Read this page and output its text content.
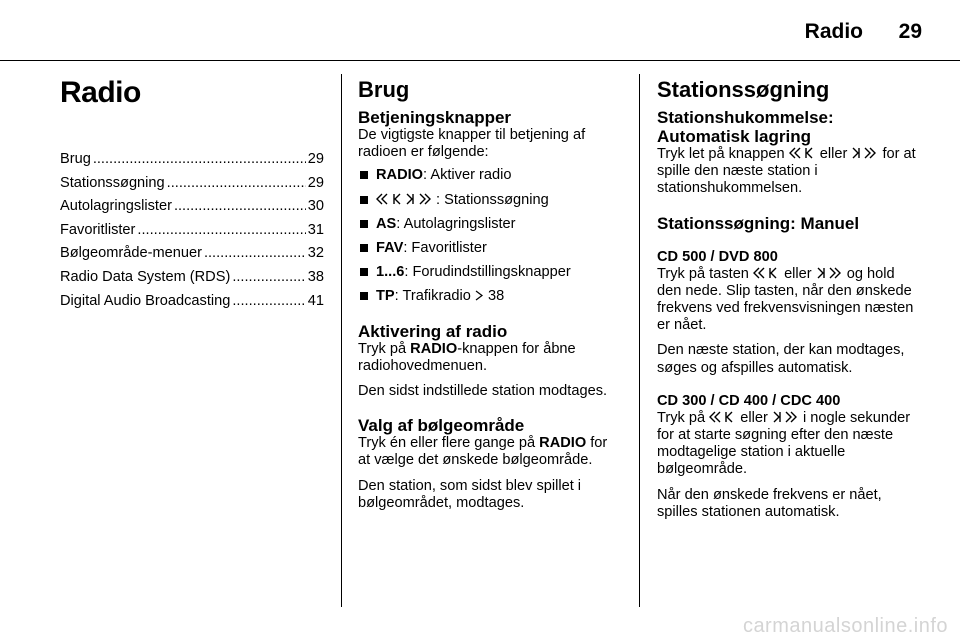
Radio 29
Radio
Brug .....	29
Stationssøgning .....	29
Autolagringslister .....	30
Favoritlister .....	31
Bølgeområde-menuer .....	32
Radio Data System (RDS) .....	38
Digital Audio Broadcasting .....	41
Brug
Betjeningsknapper

De vigtigste knapper til betjening af radioen er følgende:

RADIO: Aktiver radio
: Stationssøgning
AS: Autolagringslister
FAV: Favoritlister
1...6: Forudindstillingsknapper
TP: Trafikradio 38
Aktivering af radio

Tryk på RADIO-knappen for åbne radiohovedmenuen.

Den sidst indstillede station modtages.

Valg af bølgeområde

Tryk én eller flere gange på RADIO for at vælge det ønskede bølgeområde.

Den station, som sidst blev spillet i bølgeområdet, modtages.

Stationssøgning
Stationshukommelse: Automatisk lagring

Tryk let på knappen eller for at spille den næste station i stationshukommelsen.

Stationssøgning: Manuel
CD 500 / DVD 800

Tryk på tasten eller og hold den nede. Slip tasten, når den ønskede frekvens ved frekvensvisningen næsten er nået.

Den næste station, der kan modtages, søges og afspilles automatisk.

CD 300 / CD 400 / CDC 400

Tryk på eller i nogle sekunder for at starte søgning efter den næste modtagelige station i aktuelle bølgeområde.

Når den ønskede frekvens er nået, spilles stationen automatisk.

carmanualsonline.info
